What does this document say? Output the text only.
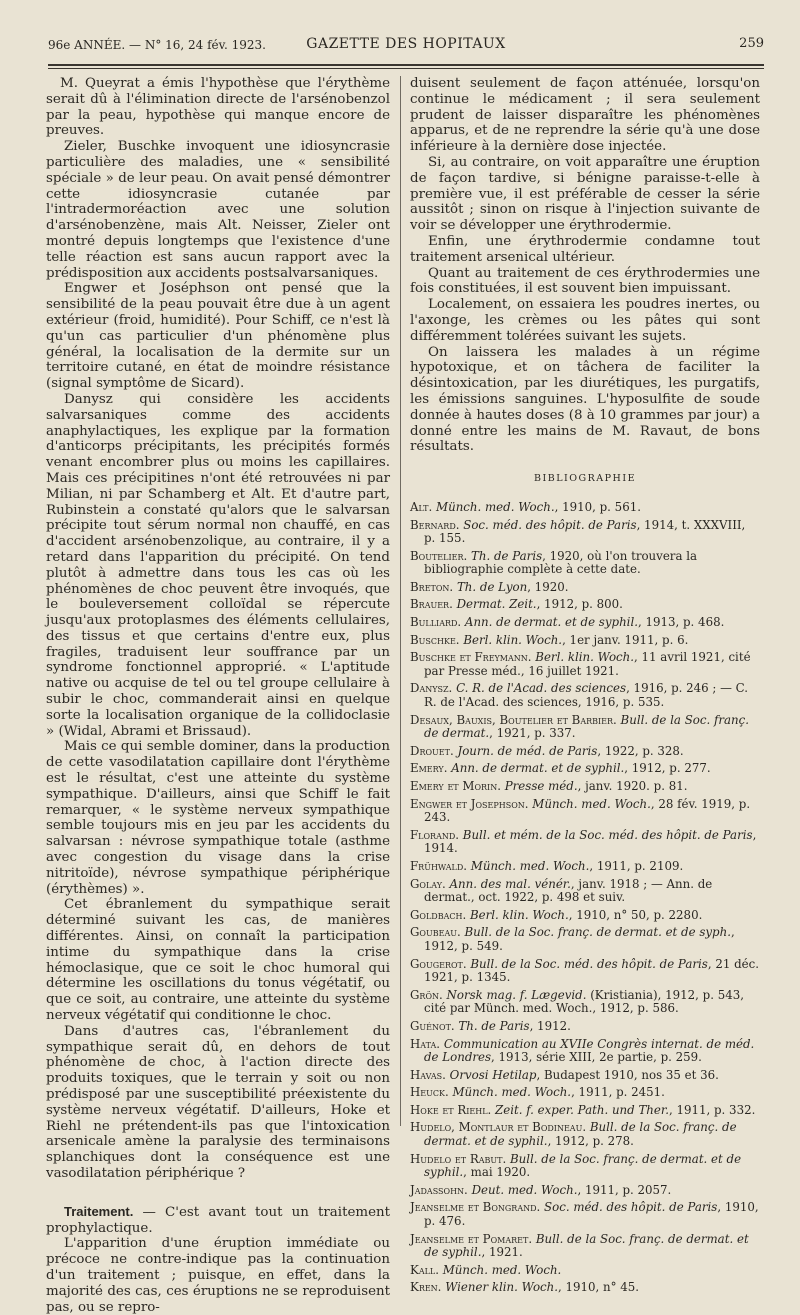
96e ANNÉE. — N° 16, 24 fév. 1923.	GAZETTE DES HOPITAUX	259

M. Queyrat a émis l'hypothèse que l'érythème serait dû à l'élimination directe de l'arsénobenzol par la peau, hypothèse qui manque encore de preuves.

Zieler, Buschke invoquent une idiosyncrasie particulière des maladies, une « sensibilité spéciale » de leur peau. On avait pensé démontrer cette idiosyncrasie cutanée par l'intradermoréaction avec une solution d'arsénobenzène, mais Alt. Neisser, Zieler ont montré depuis longtemps que l'existence d'une telle réaction est sans aucun rapport avec la prédisposition aux accidents postsalvarsaniques.

Engwer et Joséphson ont pensé que la sensibilité de la peau pouvait être due à un agent extérieur (froid, humidité). Pour Schiff, ce n'est là qu'un cas particulier d'un phénomène plus général, la localisation de la dermite sur un territoire cutané, en état de moindre résistance (signal symptôme de Sicard).

Danysz qui considère les accidents salvarsaniques comme des accidents anaphylactiques, les explique par la formation d'anticorps précipitants, les précipités formés venant encombrer plus ou moins les capillaires. Mais ces précipitines n'ont été retrouvées ni par Milian, ni par Schamberg et Alt. Et d'autre part, Rubinstein a constaté qu'alors que le salvarsan précipite tout sérum normal non chauffé, en cas d'accident arsénobenzolique, au contraire, il y a retard dans l'apparition du précipité. On tend plutôt à admettre dans tous les cas où les phénomènes de choc peuvent être invoqués, que le bouleversement colloïdal se répercute jusqu'aux protoplasmes des éléments cellulaires, des tissus et que certains d'entre eux, plus fragiles, traduisent leur souffrance par un syndrome fonctionnel approprié. « L'aptitude native ou acquise de tel ou tel groupe cellulaire à subir le choc, commanderait ainsi en quelque sorte la localisation organique de la collidoclasie » (Widal, Abrami et Brissaud).

Mais ce qui semble dominer, dans la production de cette vasodilatation capillaire dont l'érythème est le résultat, c'est une atteinte du système sympathique. D'ailleurs, ainsi que Schiff le fait remarquer, « le système nerveux sympathique semble toujours mis en jeu par les accidents du salvarsan : névrose sympathique totale (asthme avec congestion du visage dans la crise nitritoïde), névrose sympathique périphérique (érythèmes) ».

Cet ébranlement du sympathique serait déterminé suivant les cas, de manières différentes. Ainsi, on connaît la participation intime du sympathique dans la crise hémoclasique, que ce soit le choc humoral qui détermine les oscillations du tonus végétatif, ou que ce soit, au contraire, une atteinte du système nerveux végétatif qui conditionne le choc.

Dans d'autres cas, l'ébranlement du sympathique serait dû, en dehors de tout phénomène de choc, à l'action directe des produits toxiques, que le terrain y soit ou non prédisposé par une susceptibilité préexistente du système nerveux végétatif. D'ailleurs, Hoke et Riehl ne prétendent-ils pas que l'intoxication arsenicale amène la paralysie des terminaisons splanchiques dont la conséquence est une vasodilatation périphérique ?

Traitement. — C'est avant tout un traitement prophylactique.

L'apparition d'une éruption immédiate ou précoce ne contre-indique pas la continuation d'un traitement ; puisque, en effet, dans la majorité des cas, ces éruptions ne se reproduisent pas, ou se repro-

duisent seulement de façon atténuée, lorsqu'on continue le médicament ; il sera seulement prudent de laisser disparaître les phénomènes apparus, et de ne reprendre la série qu'à une dose inférieure à la dernière dose injectée.

Si, au contraire, on voit apparaître une éruption de façon tardive, si bénigne paraisse-t-elle à première vue, il est préférable de cesser la série aussitôt ; sinon on risque à l'injection suivante de voir se développer une érythrodermie.

Enfin, une érythrodermie condamne tout traitement arsenical ultérieur.

Quant au traitement de ces érythrodermies une fois constituées, il est souvent bien impuissant.

Localement, on essaiera les poudres inertes, ou l'axonge, les crèmes ou les pâtes qui sont différemment tolérées suivant les sujets.

On laissera les malades à un régime hypotoxique, et on tâchera de faciliter la désintoxication, par les diurétiques, les purgatifs, les émissions sanguines. L'hyposulfite de soude donnée à hautes doses (8 à 10 grammes par jour) a donné entre les mains de M. Ravaut, de bons résultats.

BIBLIOGRAPHIE
Alt. Münch. med. Woch., 1910, p. 561.
Bernard. Soc. méd. des hôpit. de Paris, 1914, t. XXXVIII, p. 155.
Boutelier. Th. de Paris, 1920, où l'on trouvera la bibliographie complète à cette date.
Breton. Th. de Lyon, 1920.
Brauer. Dermat. Zeit., 1912, p. 800.
Bulliard. Ann. de dermat. et de syphil., 1913, p. 468.
Buschke. Berl. klin. Woch., 1er janv. 1911, p. 6.
Buschke et Freymann. Berl. klin. Woch., 11 avril 1921, cité par Presse méd., 16 juillet 1921.
Danysz. C. R. de l'Acad. des sciences, 1916, p. 246 ; — C. R. de l'Acad. des sciences, 1916, p. 535.
Desaux, Bauxis, Boutelier et Barbier. Bull. de la Soc. franç. de dermat., 1921, p. 337.
Drouet. Journ. de méd. de Paris, 1922, p. 328.
Emery. Ann. de dermat. et de syphil., 1912, p. 277.
Emery et Morin. Presse méd., janv. 1920. p. 81.
Engwer et Josephson. Münch. med. Woch., 28 fév. 1919, p. 243.
Florand. Bull. et mém. de la Soc. méd. des hôpit. de Paris, 1914.
Frühwald. Münch. med. Woch., 1911, p. 2109.
Golay. Ann. des mal. vénér., janv. 1918 ; — Ann. de dermat., oct. 1922, p. 498 et suiv.
Goldbach. Berl. klin. Woch., 1910, n° 50, p. 2280.
Goubeau. Bull. de la Soc. franç. de dermat. et de syph., 1912, p. 549.
Gougerot. Bull. de la Soc. méd. des hôpit. de Paris, 21 déc. 1921, p. 1345.
Grön. Norsk mag. f. Lægevid. (Kristiania), 1912, p. 543, cité par Münch. med. Woch., 1912, p. 586.
Guénot. Th. de Paris, 1912.
Hata. Communication au XVIIe Congrès internat. de méd. de Londres, 1913, série XIII, 2e partie, p. 259.
Havas. Orvosi Hetilap, Budapest 1910, nos 35 et 36.
Heuck. Münch. med. Woch., 1911, p. 2451.
Hoke et Riehl. Zeit. f. exper. Path. und Ther., 1911, p. 332.
Hudelo, Montlaur et Bodineau. Bull. de la Soc. franç. de dermat. et de syphil., 1912, p. 278.
Hudelo et Rabut. Bull. de la Soc. franç. de dermat. et de syphil., mai 1920.
Jadassohn. Deut. med. Woch., 1911, p. 2057.
Jeanselme et Bongrand. Soc. méd. des hôpit. de Paris, 1910, p. 476.
Jeanselme et Pomaret. Bull. de la Soc. franç. de dermat. et de syphil., 1921.
Kall. Münch. med. Woch.
Kren. Wiener klin. Woch., 1910, n° 45.
